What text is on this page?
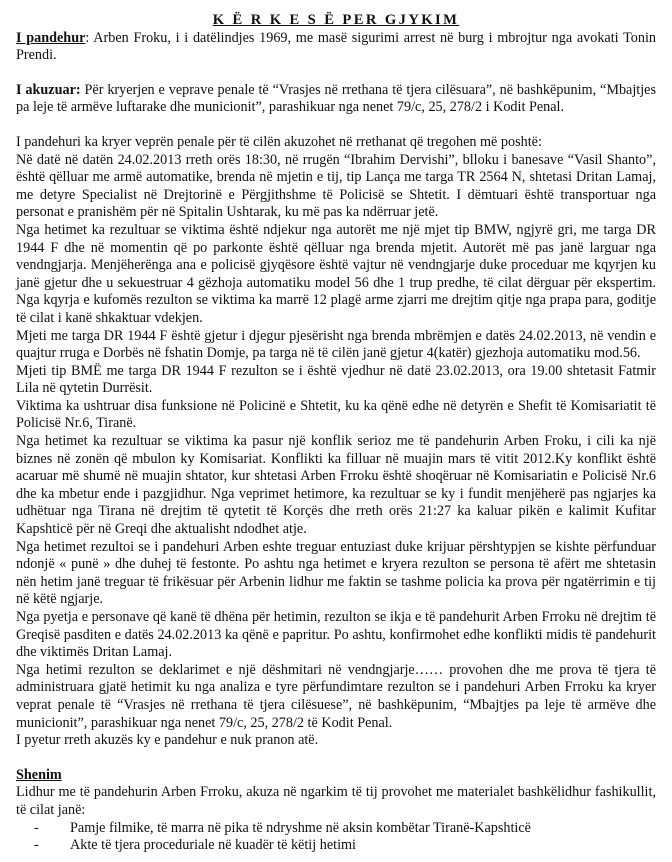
K Ë R K E S Ë PER GJYKIM

I pandehur: Arben Froku, i i datëlindjes 1969, me masë sigurimi arrest në burg i mbrojtur nga avokati Tonin Prendi.

I akuzuar: Për kryerjen e veprave penale të “Vrasjes në rrethana të tjera cilësuara”, në bashkëpunim, “Mbajtjes pa leje të armëve luftarake dhe municionit”, parashikuar nga nenet 79/c, 25, 278/2 i Kodit Penal.

I pandehuri ka kryer veprën penale për të cilën akuzohet në rrethanat që tregohen më poshtë:

Në datë në datën 24.02.2013 rreth orës 18:30, në rrugën “Ibrahim Dervishi”, blloku i banesave “Vasil Shanto”, është qëlluar me armë automatike, brenda në mjetin e tij, tip Lança me targa TR 2564 N, shtetasi Dritan Lamaj, me detyre Specialist në Drejtorinë e Përgjithshme të Policisë se Shtetit. I dëmtuari është transportuar nga personat e pranishëm për në Spitalin Ushtarak, ku më pas ka ndërruar jetë.

Nga hetimet ka rezultuar se viktima është ndjekur nga autorët me një mjet tip BMW, ngjyrë gri, me targa DR 1944 F dhe në momentin që po parkonte është qëlluar nga brenda mjetit. Autorët më pas janë larguar nga vendngjarja. Menjëherëngа ana e policisë gjyqësore është vajtur në vendngjarje duke proceduar me kqyrjen ku janë gjetur dhe u sekuestruar 4 gëzhoja automatiku model 56 dhe 1 trup predhe, të cilat dërguar për ekspertim. Nga kqyrja e kufomës rezulton se viktima ka marrë 12 plagë arme zjarri me drejtim qitje nga prapa para, goditje të cilat i kanë shkaktuar vdekjen.

Mjeti me targa DR 1944 F është gjetur i djegur pjesërisht nga brenda mbrëmjen e datës 24.02.2013, në vendin e quajtur rruga e Dorbës në fshatin Domje, pa targa në të cilën janë gjetur 4(katër) gjezhoja automatiku mod.56.

Mjeti tip BMË me targa DR 1944 F rezulton se i është vjedhur në datë 23.02.2013, ora 19.00 shtetasit Fatmir Lila në qytetin Durrësit.

Viktima ka ushtruar disa funksione në Policinë e Shtetit, ku ka qënë edhe në detyrën e Shefit të Komisariatit të Policisë Nr.6, Tiranë.

Nga hetimet ka rezultuar se viktima ka pasur një konflik serioz me të pandehurin Arben Froku, i cili ka një biznes në zonën që mbulon ky Komisariat. Konflikti ka filluar në muajin mars të vitit 2012.Ky konflikt është acaruar më shumë në muajin shtator, kur shtetasi Arben Frroku është shoqëruar në Komisariatin e Policisë Nr.6 dhe ka mbetur ende i pazgjidhur. Nga veprimet hetimore, ka rezultuar se ky i fundit menjëherë pas ngjarjes ka udhëtuar nga Tirana në drejtim të qytetit të Korçës dhe rreth orës 21:27 ka kaluar pikën e kalimit Kufitar Kapshticë për në Greqi dhe aktualisht ndodhet atje.

Nga hetimet rezultoi se i pandehuri Arben eshte treguar entuziast duke krijuar përshtypjen se kishte përfunduar ndonjë « punë » dhe duhej të festonte. Po ashtu nga hetimet e kryera rezulton se persona të afërt me shtetasin nën hetim janë treguar të frikësuar për Arbenin lidhur me faktin se tashme policia ka prova për ngatërrimin e tij në këtë ngjarje.

Nga pyetja e personave që kanë të dhëna për hetimin, rezulton se ikja e të pandehurit Arben Frroku në drejtim të Greqisë pasditen e datës 24.02.2013 ka qënë e papritur. Po ashtu, konfirmohet edhe konflikti midis të pandehurit dhe viktimës Dritan Lamaj.

Nga hetimi rezulton se deklarimet e një dëshmitari në vendngjarje…… provohen dhe me prova të tjera të administruara gjatë hetimit ku nga analiza e tyre përfundimtare rezulton se i pandehuri Arben Frroku ka kryer veprat penale të “Vrasjes në rrethana të tjera cilësuese”, në bashkëpunim, “Mbajtjes pa leje të armëve dhe municionit”, parashikuar nga nenet 79/c, 25, 278/2 të Kodit Penal.

I pyetur rreth akuzës ky e pandehur e nuk pranon atë.

Shenim

Lidhur me të pandehurin Arben Frroku, akuza në ngarkim të tij provohet me materialet bashkëlidhur fashikullit, të cilat janë:

- Pamje filmike, të marra në pika të ndryshme në aksin kombëtar Tiranë-Kapshticë
- Akte të tjera proceduriale në kuadër të këtij hetimi
